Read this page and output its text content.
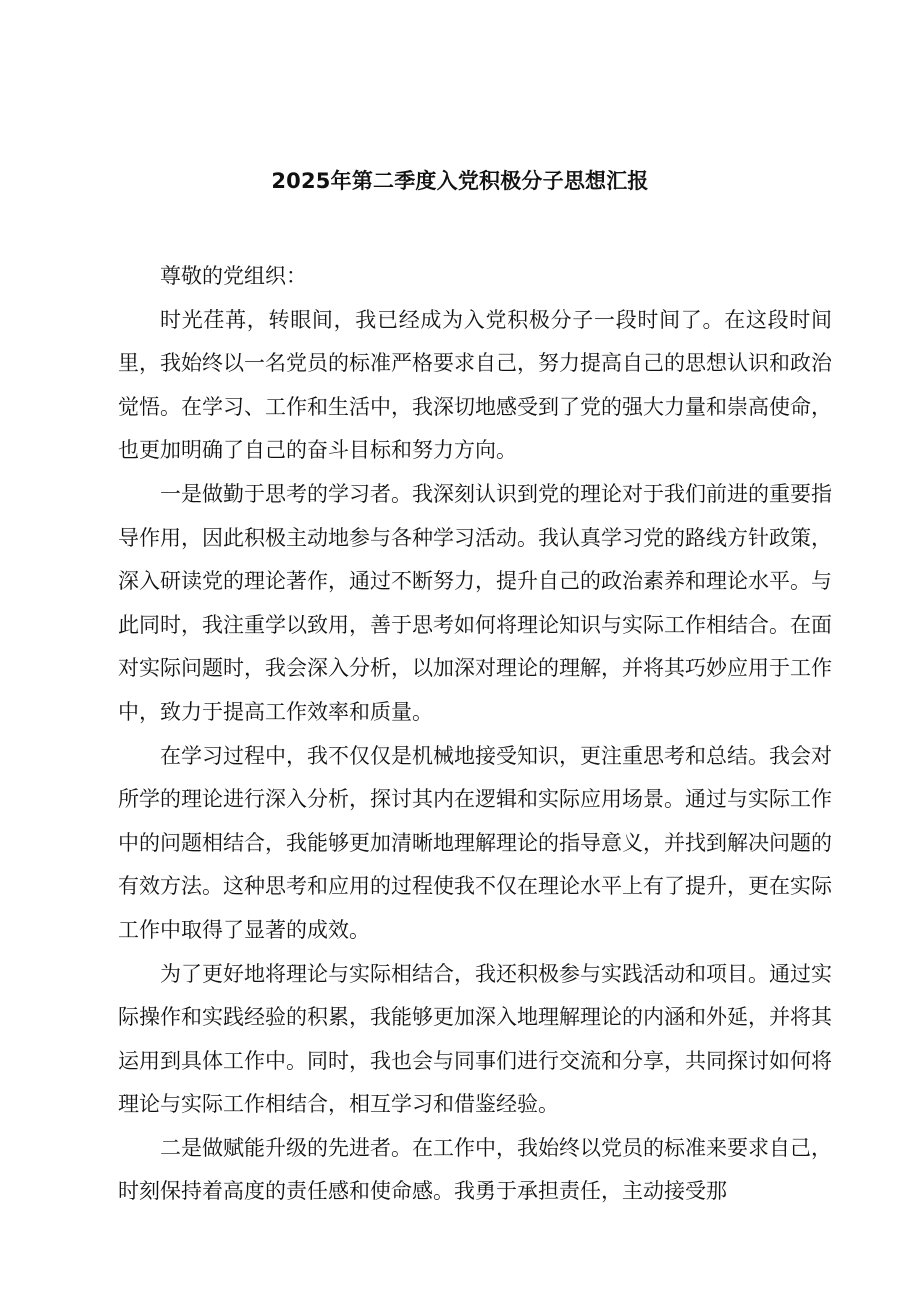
2025年第二季度入党积极分子思想汇报

尊敬的党组织：

时光荏苒，转眼间，我已经成为入党积极分子一段时间了。在这段时间里，我始终以一名党员的标准严格要求自己，努力提高自己的思想认识和政治觉悟。在学习、工作和生活中，我深切地感受到了党的强大力量和崇高使命，也更加明确了自己的奋斗目标和努力方向。

一是做勤于思考的学习者。我深刻认识到党的理论对于我们前进的重要指导作用，因此积极主动地参与各种学习活动。我认真学习党的路线方针政策，深入研读党的理论著作，通过不断努力，提升自己的政治素养和理论水平。与此同时，我注重学以致用，善于思考如何将理论知识与实际工作相结合。在面对实际问题时，我会深入分析，以加深对理论的理解，并将其巧妙应用于工作中，致力于提高工作效率和质量。

在学习过程中，我不仅仅是机械地接受知识，更注重思考和总结。我会对所学的理论进行深入分析，探讨其内在逻辑和实际应用场景。通过与实际工作中的问题相结合，我能够更加清晰地理解理论的指导意义，并找到解决问题的有效方法。这种思考和应用的过程使我不仅在理论水平上有了提升，更在实际工作中取得了显著的成效。

为了更好地将理论与实际相结合，我还积极参与实践活动和项目。通过实际操作和实践经验的积累，我能够更加深入地理解理论的内涵和外延，并将其运用到具体工作中。同时，我也会与同事们进行交流和分享，共同探讨如何将理论与实际工作相结合，相互学习和借鉴经验。

二是做赋能升级的先进者。在工作中，我始终以党员的标准来要求自己，时刻保持着高度的责任感和使命感。我勇于承担责任，主动接受那
